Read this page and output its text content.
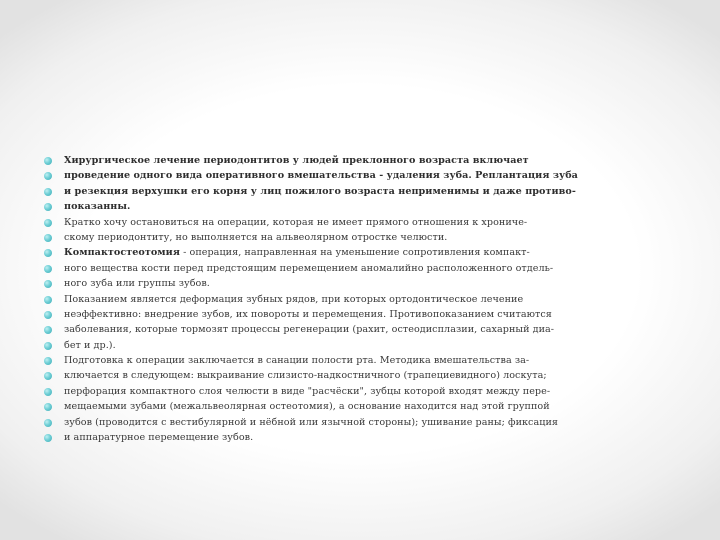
Хирургическое лечение периодонтитов у людей преклонного возраста включает
проведение одного вида оперативного вмешательства - удаления зуба. Реплантация зуба
и резекция верхушки его корня у лиц пожилого возраста неприменимы и даже противо-
показанны.
Кратко хочу остановиться на операции, которая не имеет прямого отношения к хрониче-
скому периодонтиту, но выполняется на альвеолярном отростке челюсти.
Компактостеотомия - операция, направленная на уменьшение сопротивления компакт-
ного вещества кости перед предстоящим перемещением аномалийно расположенного отдель-
ного зуба или группы зубов.
Показанием является деформация зубных рядов, при которых ортодонтическое лечение
неэффективно: внедрение зубов, их повороты и перемещения. Противопоказанием считаются
заболевания, которые тормозят процессы регенерации (рахит, остеодисплазии, сахарный диа-
бет и др.).
Подготовка к операции заключается в санации полости рта. Методика вмешательства за-
ключается в следующем: выкраивание слизисто-надкостничного (трапециевидного) лоскута;
перфорация компактного слоя челюсти в виде "расчёски", зубцы которой входят между пере-
мещаемыми зубами (межальвеолярная остеотомия), а основание находится над этой группой
зубов (проводится с вестибулярной и нёбной или язычной стороны); ушивание раны; фиксация
и аппаратурное перемещение зубов.
